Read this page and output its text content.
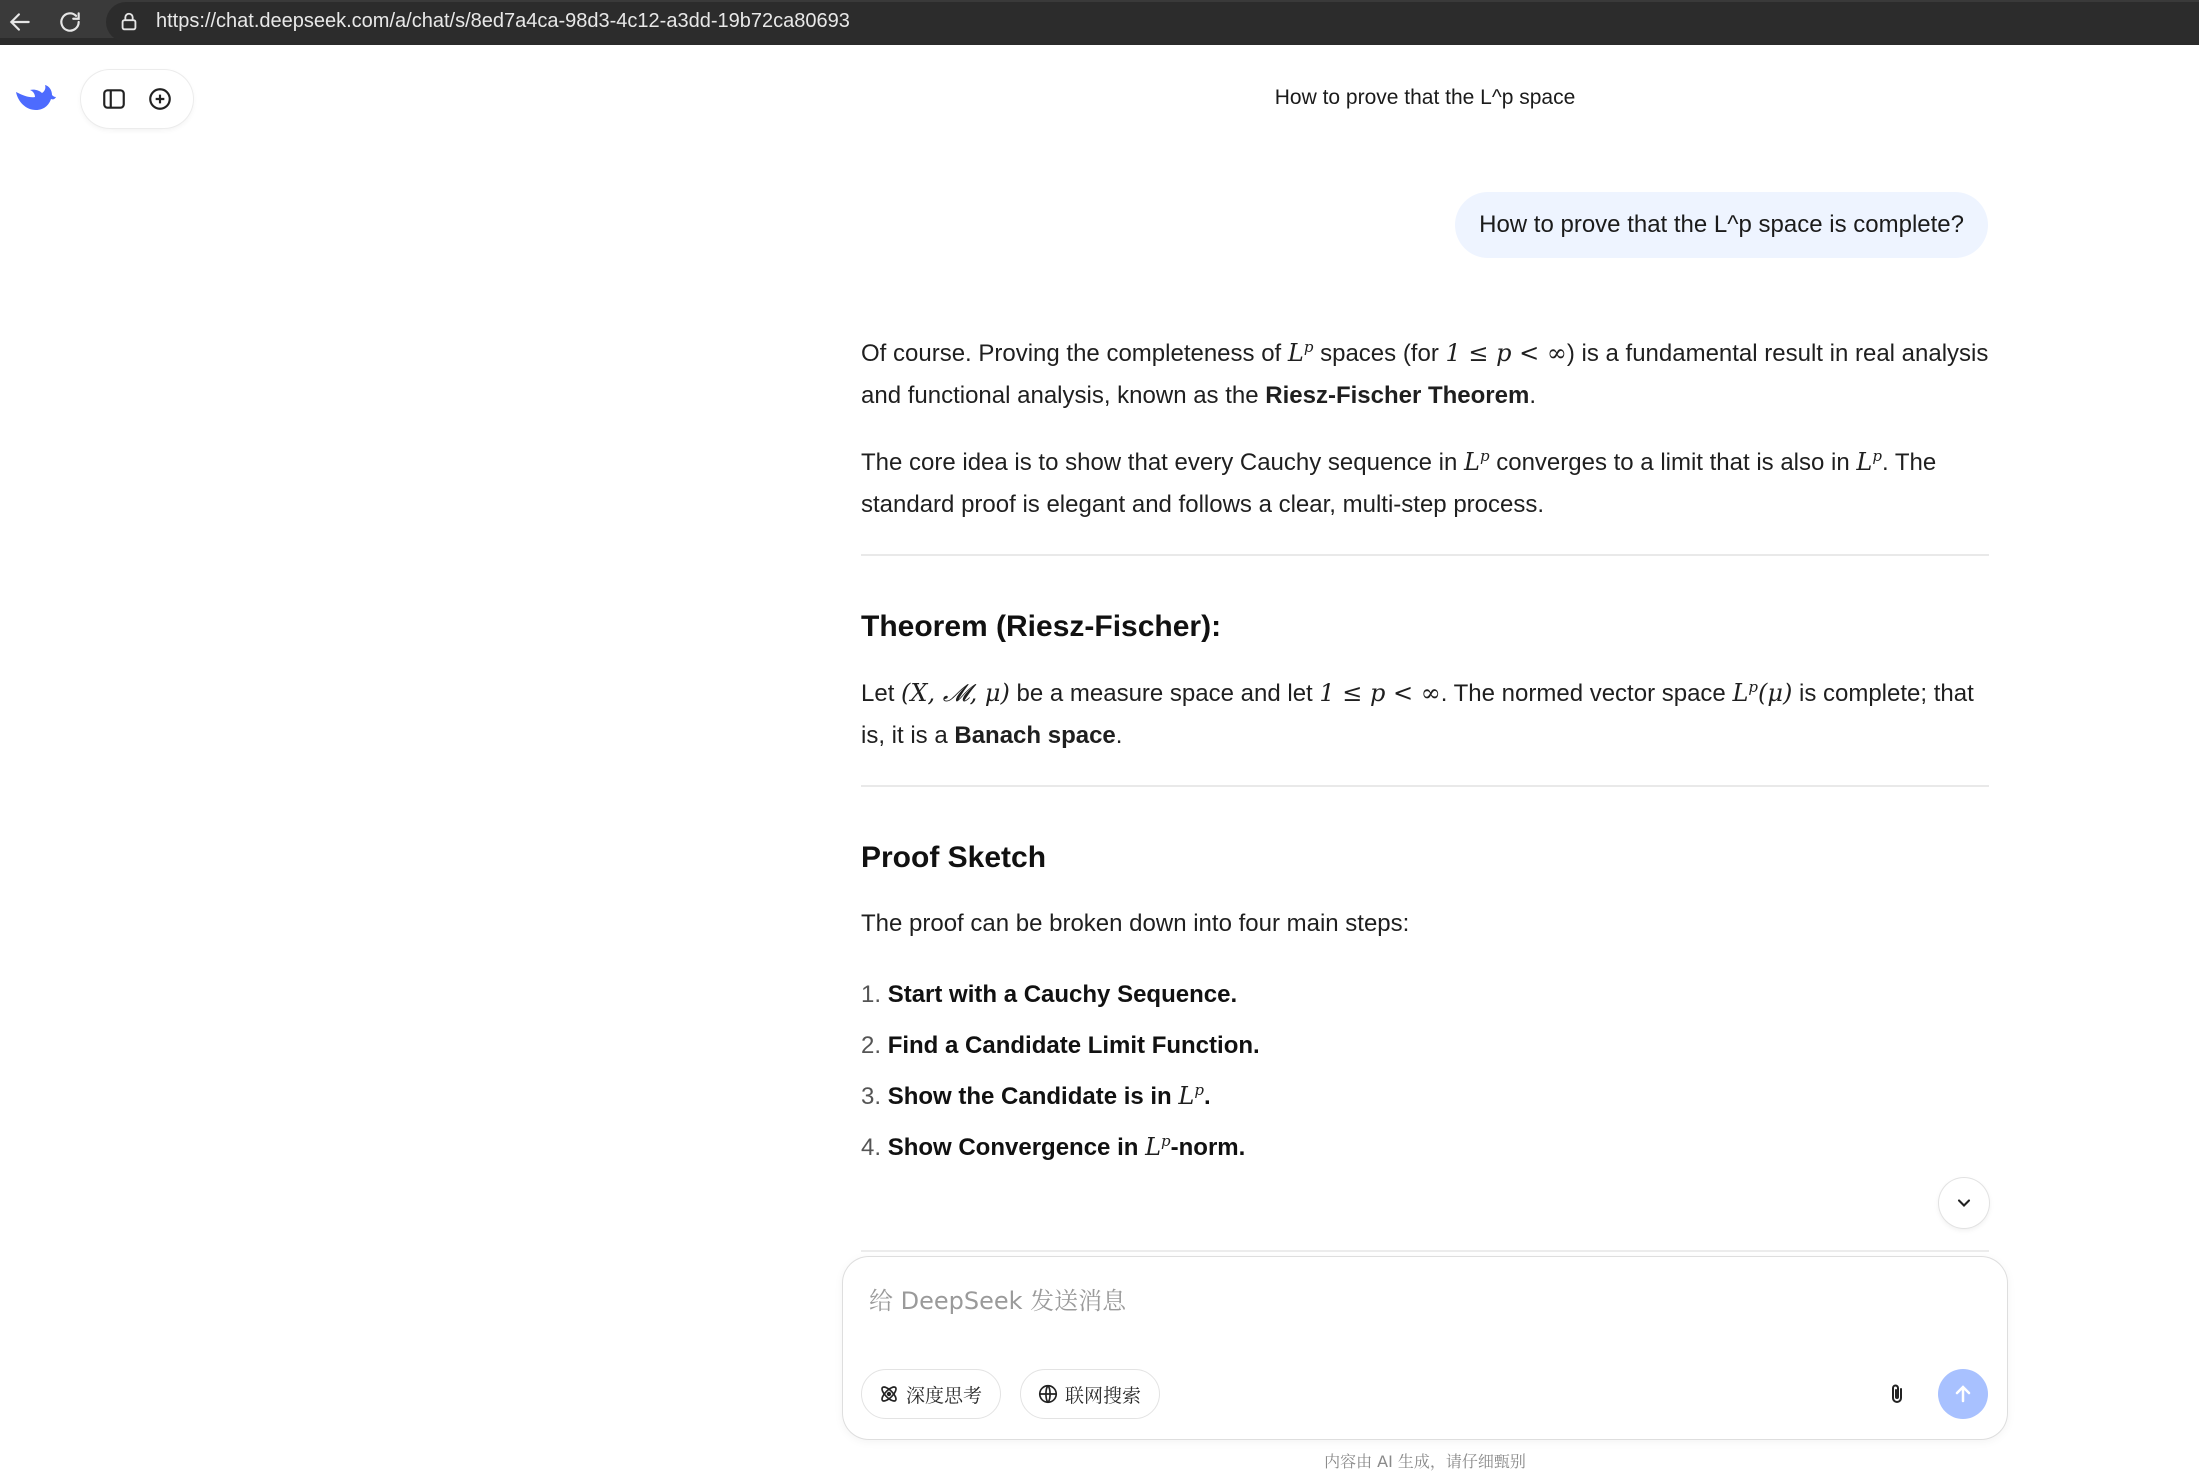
https://chat.deepseek.com/a/chat/s/8ed7a4ca-98d3-4c12-a3dd-19b72ca80693
How to prove that the L^p space
How to prove that the L^p space is complete?

Of course. Proving the completeness of $L^p$ spaces (for 1 ≤ p < ∞) is a fundamental result in real analysis and functional analysis, known as the Riesz-Fischer Theorem.

The core idea is to show that every Cauchy sequence in $L^p$ converges to a limit that is also in $L^p$. The standard proof is elegant and follows a clear, multi-step process.

Theorem (Riesz-Fischer):

Let (X, 𝓜, μ) be a measure space and let 1 ≤ p < ∞. The normed vector space $L^p(\mu)$ is complete; that is, it is a Banach space.

Proof Sketch

The proof can be broken down into four main steps:

1. Start with a Cauchy Sequence.
2. Find a Candidate Limit Function.
3. Show the Candidate is in $L^p$.
4. Show Convergence in $L^p$-norm.
给 DeepSeek 发送消息
深度思考	联网搜索
内容由 AI 生成，请仔细甄别
